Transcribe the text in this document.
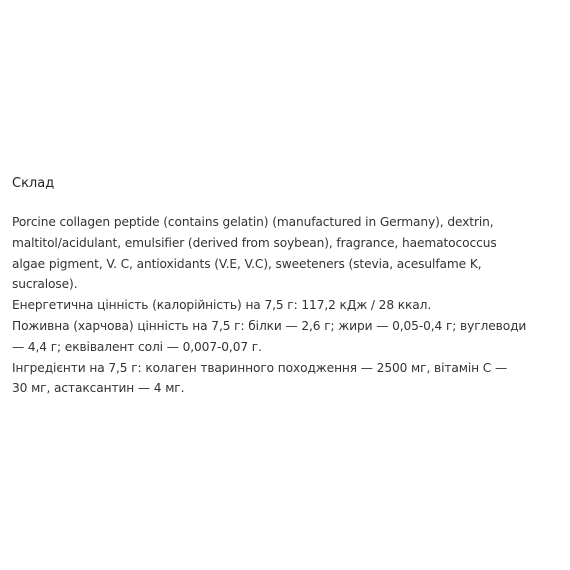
Склад

Porcine collagen peptide (contains gelatin) (manufactured in Germany), dextrin,
maltitol/acidulant, emulsifier (derived from soybean), fragrance, haematococcus
algae pigment, V. C, antioxidants (V.E, V.C), sweeteners (stevia, acesulfame K,
sucralose).

Енергетична цінність (калорійність) на 7,5 г: 117,2 кДж / 28 ккал.

Поживна (харчова) цінність на 7,5 г: білки — 2,6 г; жири — 0,05-0,4 г; вуглеводи
— 4,4 г; еквівалент солі — 0,007-0,07 г.

Інгредієнти на 7,5 г: колаген тваринного походження — 2500 мг, вітамін С —
30 мг, астаксантин — 4 мг.
